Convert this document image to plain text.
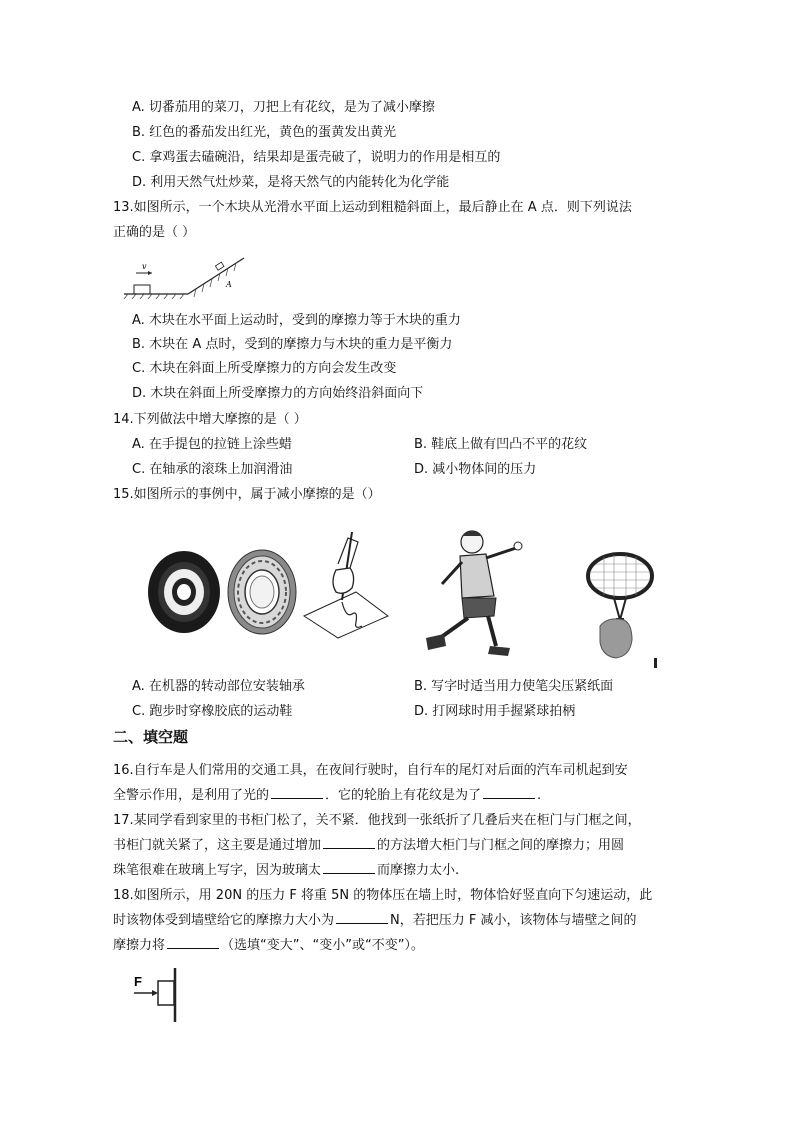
A. 切番茄用的菜刀，刀把上有花纹，是为了减小摩擦
B. 红色的番茄发出红光，黄色的蛋黄发出黄光
C. 拿鸡蛋去磕碗沿，结果却是蛋壳破了，说明力的作用是相互的
D. 利用天然气灶炒菜，是将天然气的内能转化为化学能
13.如图所示，一个木块从光滑水平面上运动到粗糙斜面上，最后静止在 A 点．则下列说法
正确的是（ ）
v
A
A. 木块在水平面上运动时，受到的摩擦力等于木块的重力
B. 木块在 A 点时，受到的摩擦力与木块的重力是平衡力
C. 木块在斜面上所受摩擦力的方向会发生改变
D. 木块在斜面上所受摩擦力的方向始终沿斜面向下
14.下列做法中增大摩擦的是（ ）
A. 在手提包的拉链上涂些蜡	B. 鞋底上做有凹凸不平的花纹
C. 在轴承的滚珠上加润滑油	D. 减小物体间的压力
15.如图所示的事例中，属于减小摩擦的是（）
A. 在机器的转动部位安装轴承	B. 写字时适当用力使笔尖压紧纸面
C. 跑步时穿橡胶底的运动鞋	D. 打网球时用手握紧球拍柄
二、填空题
16.自行车是人们常用的交通工具，在夜间行驶时，自行车的尾灯对后面的汽车司机起到安
全警示作用，是利用了光的	．它的轮胎上有花纹是为了	.
17.某同学看到家里的书柜门松了，关不紧．他找到一张纸折了几叠后夹在柜门与门框之间，
书柜门就关紧了，这主要是通过增加	的方法增大柜门与门框之间的摩擦力；用圆
珠笔很难在玻璃上写字，因为玻璃太	而摩擦力太小.
18.如图所示，用 20N 的压力 F 将重 5N 的物体压在墙上时，物体恰好竖直向下匀速运动，此
时该物体受到墙壁给它的摩擦力大小为	N，若把压力 F 减小，该物体与墙壁之间的
摩擦力将	（选填“变大”、“变小”或“不变”）。
F
